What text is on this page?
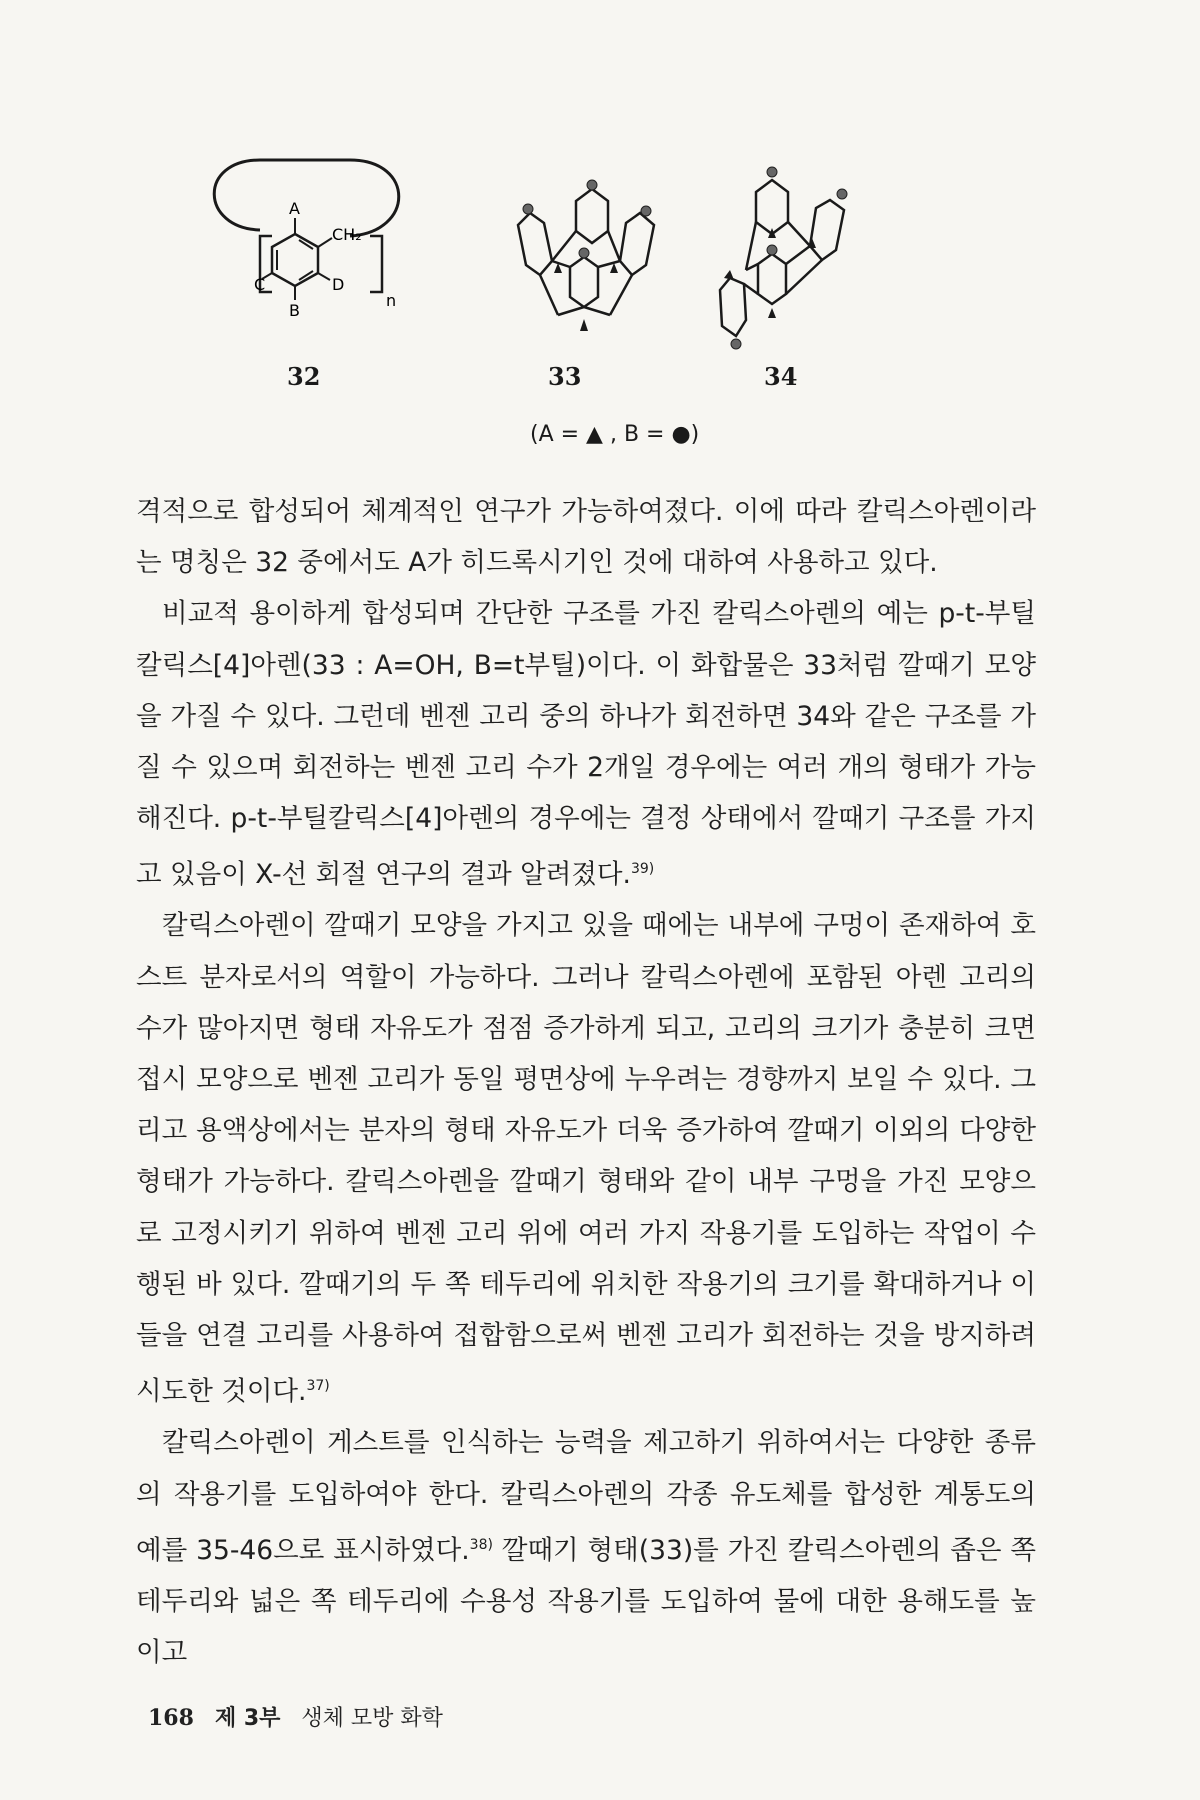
A
CH₂
D
C
B
n
32	33	34
(A = ▲ , B = ●)

격적으로 합성되어 체계적인 연구가 가능하여졌다. 이에 따라 칼릭스아렌이라는 명칭은 32 중에서도 A가 히드록시기인 것에 대하여 사용하고 있다.

비교적 용이하게 합성되며 간단한 구조를 가진 칼릭스아렌의 예는 p-t-부틸칼릭스[4]아렌(33 : A=OH, B=t부틸)이다. 이 화합물은 33처럼 깔때기 모양을 가질 수 있다. 그런데 벤젠 고리 중의 하나가 회전하면 34와 같은 구조를 가질 수 있으며 회전하는 벤젠 고리 수가 2개일 경우에는 여러 개의 형태가 가능해진다. p-t-부틸칼릭스[4]아렌의 경우에는 결정 상태에서 깔때기 구조를 가지고 있음이 X-선 회절 연구의 결과 알려졌다.$^{39)}$

칼릭스아렌이 깔때기 모양을 가지고 있을 때에는 내부에 구멍이 존재하여 호스트 분자로서의 역할이 가능하다. 그러나 칼릭스아렌에 포함된 아렌 고리의 수가 많아지면 형태 자유도가 점점 증가하게 되고, 고리의 크기가 충분히 크면 접시 모양으로 벤젠 고리가 동일 평면상에 누우려는 경향까지 보일 수 있다. 그리고 용액상에서는 분자의 형태 자유도가 더욱 증가하여 깔때기 이외의 다양한 형태가 가능하다. 칼릭스아렌을 깔때기 형태와 같이 내부 구멍을 가진 모양으로 고정시키기 위하여 벤젠 고리 위에 여러 가지 작용기를 도입하는 작업이 수행된 바 있다. 깔때기의 두 쪽 테두리에 위치한 작용기의 크기를 확대하거나 이들을 연결 고리를 사용하여 접합함으로써 벤젠 고리가 회전하는 것을 방지하려 시도한 것이다.$^{37)}$

칼릭스아렌이 게스트를 인식하는 능력을 제고하기 위하여서는 다양한 종류의 작용기를 도입하여야 한다. 칼릭스아렌의 각종 유도체를 합성한 계통도의 예를 35-46으로 표시하였다.$^{38)}$ 깔때기 형태(33)를 가진 칼릭스아렌의 좁은 쪽 테두리와 넓은 쪽 테두리에 수용성 작용기를 도입하여 물에 대한 용해도를 높이고

168 제 3부 생체 모방 화학
